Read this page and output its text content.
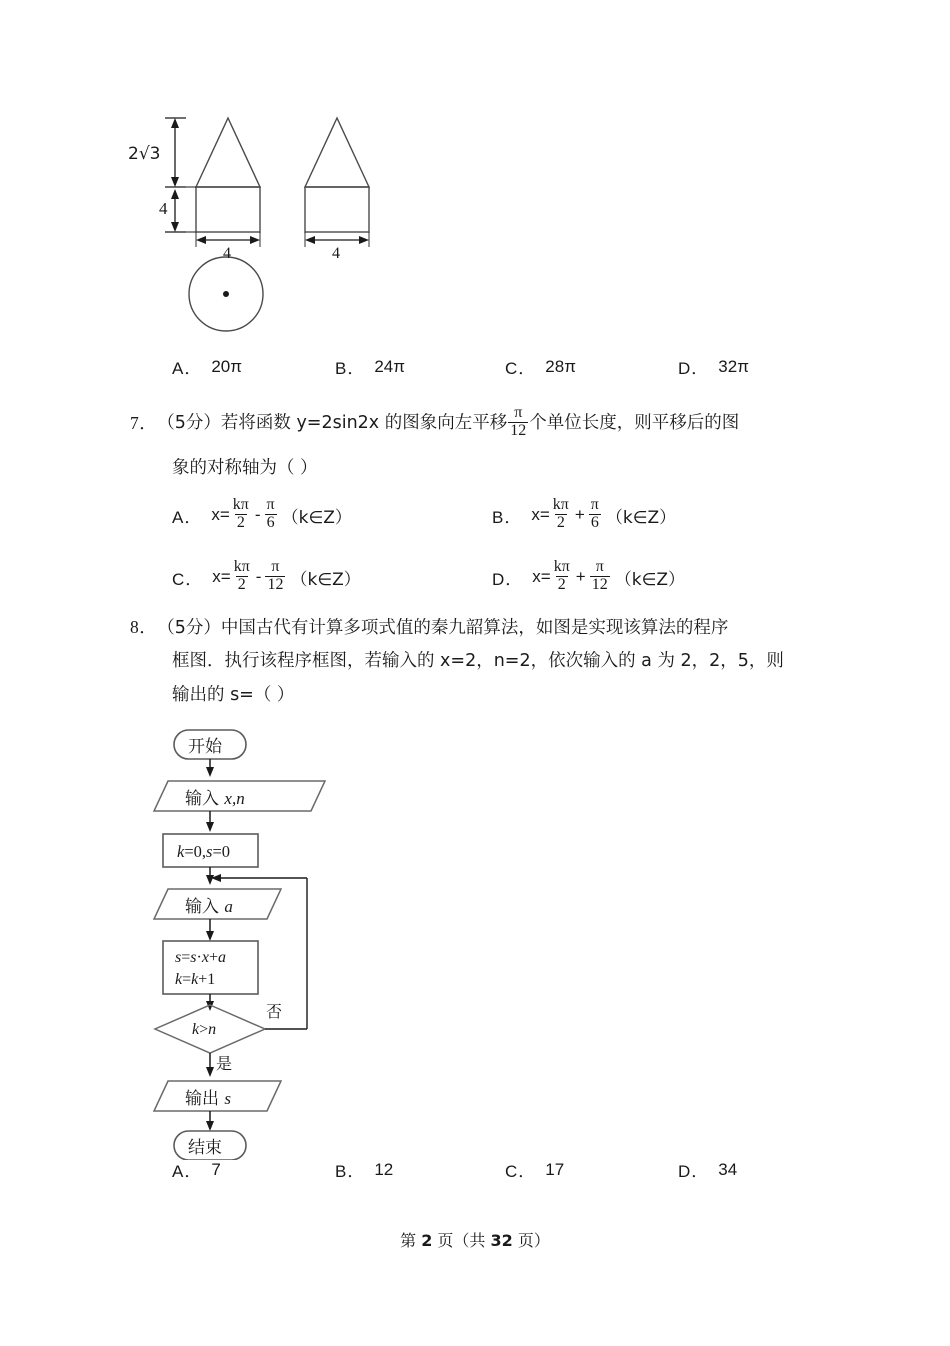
2√3
4
4	4
A． 20π	B． 24π	C． 28π	D． 32π
7． （5分） 若将函数 y=2sin2x 的图象向左平移 $\frac{\pi}{12}$ 个单位长度，则平移后的图
象的对称轴为（ ）
A． $x= \frac{k\pi}{2} - \frac{\pi}{6}$ （k∈Z）	B． $x= \frac{k\pi}{2} + \frac{\pi}{6}$ （k∈Z）
C． $x= \frac{k\pi}{2} - \frac{\pi}{12}$ （k∈Z）	D． $x= \frac{k\pi}{2} + \frac{\pi}{12}$ （k∈Z）
8． （5分） 中国古代有计算多项式值的秦九韶算法，如图是实现该算法的程序
框图．执行该程序框图，若输入的 x=2，n=2，依次输入的 a 为 2，2，5，则
输出的 s=（ ）
开始
输入 x,n
k=0,s=0
输入 a
s=s·x+a
k=k+1
k>n
否
是
输出 s
结束
A． 7	B． 12	C． 17	D． 34
第 2 页（共 32 页）
